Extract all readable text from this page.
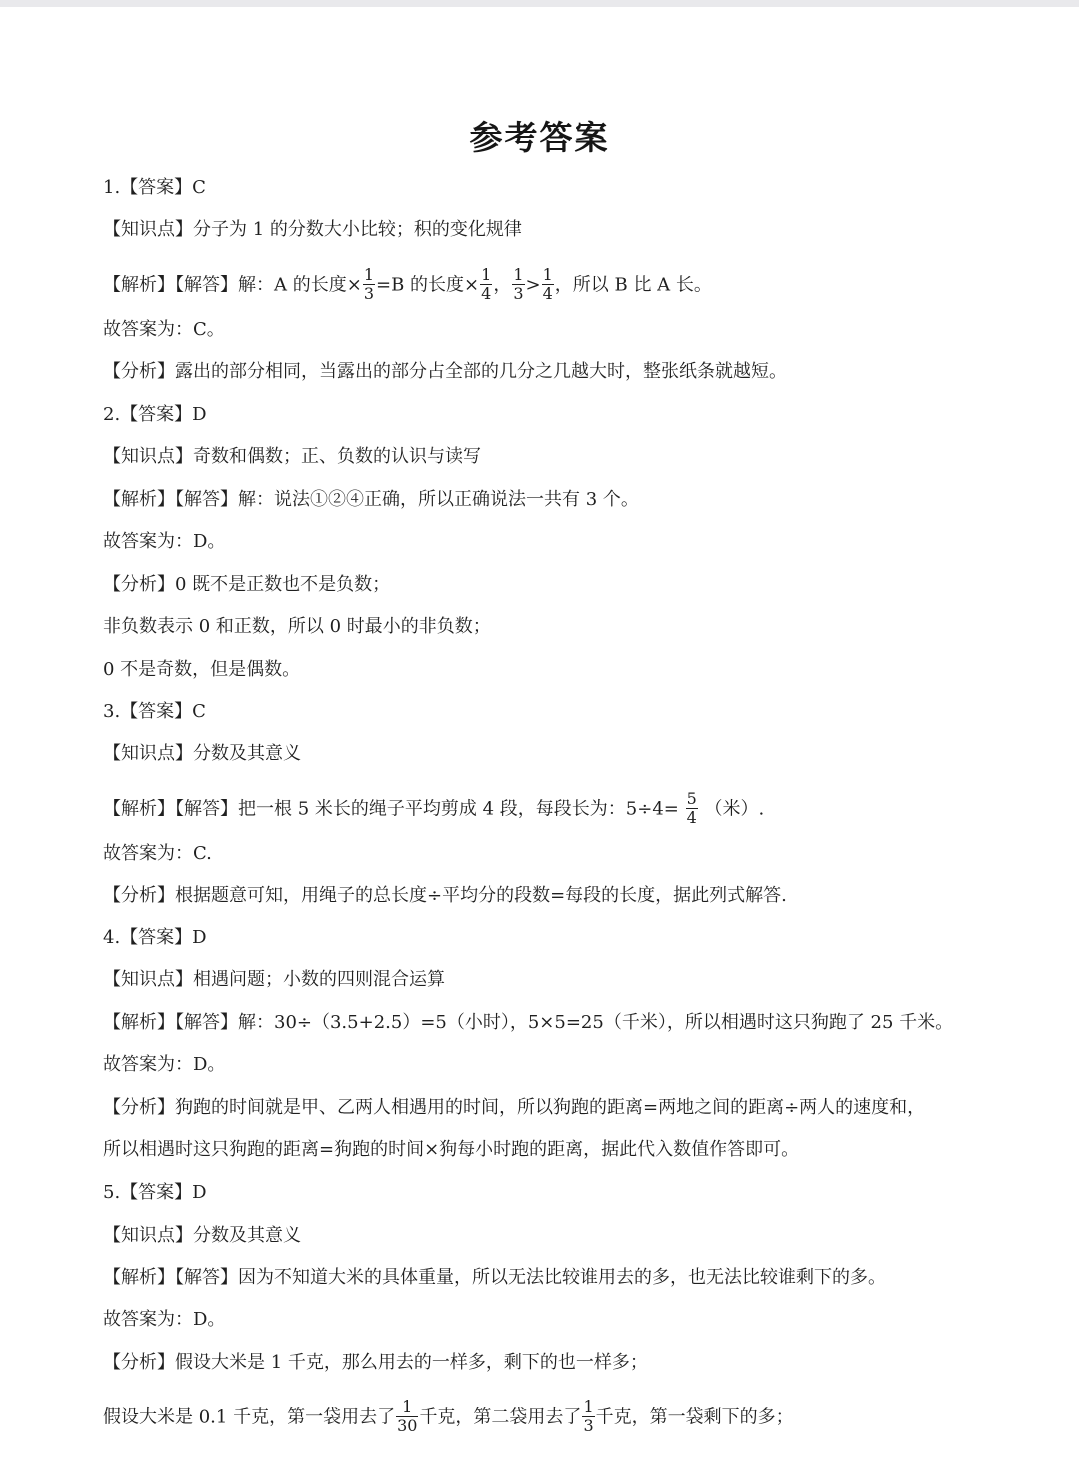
参考答案
1.【答案】C
【知识点】分子为 1 的分数大小比较；积的变化规律
【解析】【解答】解：A 的长度× $\frac{1}{3} =B$ 的长度× $\frac{1}{4}$ ， $\frac{1}{3} > \frac{1}{4}$ ，所以 B 比 A 长。
故答案为：C。
【分析】露出的部分相同，当露出的部分占全部的几分之几越大时，整张纸条就越短。
2.【答案】D
【知识点】奇数和偶数；正、负数的认识与读写
【解析】【解答】解：说法①②④正确，所以正确说法一共有 3 个。
故答案为：D。
【分析】0 既不是正数也不是负数；
非负数表示 0 和正数，所以 0 时最小的非负数；
0 不是奇数，但是偶数。
3.【答案】C
【知识点】分数及其意义
【解析】【解答】把一根 5 米长的绳子平均剪成 4 段，每段长为：$5\div 4= \frac{5}{4}$ （米）.
故答案为：C.
【分析】根据题意可知，用绳子的总长度÷平均分的段数=每段的长度，据此列式解答.
4.【答案】D
【知识点】相遇问题；小数的四则混合运算
【解析】【解答】解：30÷（3.5+2.5）=5（小时），5×5=25（千米），所以相遇时这只狗跑了 25 千米。
故答案为：D。
【分析】狗跑的时间就是甲、乙两人相遇用的时间，所以狗跑的距离=两地之间的距离÷两人的速度和，
所以相遇时这只狗跑的距离=狗跑的时间×狗每小时跑的距离，据此代入数值作答即可。
5.【答案】D
【知识点】分数及其意义
【解析】【解答】因为不知道大米的具体重量，所以无法比较谁用去的多，也无法比较谁剩下的多。
故答案为：D。
【分析】假设大米是 1 千克，那么用去的一样多，剩下的也一样多；
假设大米是 0.1 千克，第一袋用去了 $\frac{1}{30}$ 千克，第二袋用去了 $\frac{1}{3}$ 千克，第一袋剩下的多；
